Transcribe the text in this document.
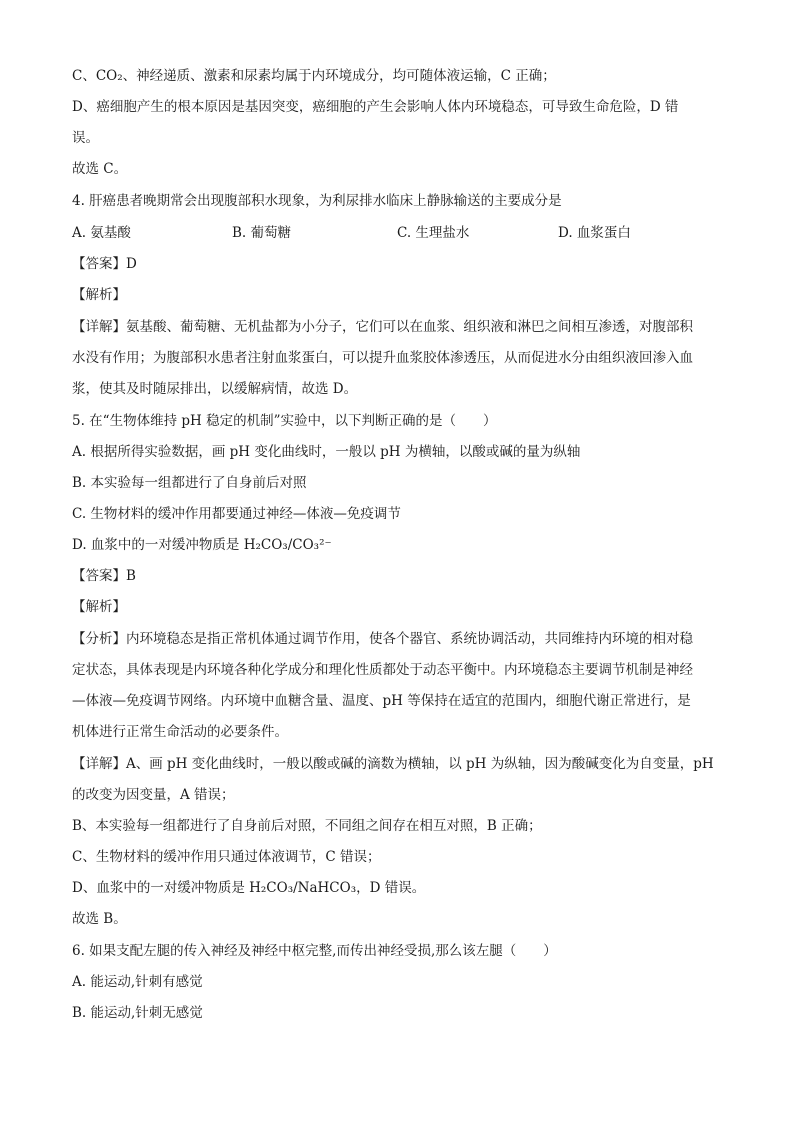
C、CO₂、神经递质、激素和尿素均属于内环境成分，均可随体液运输，C 正确；
D、癌细胞产生的根本原因是基因突变，癌细胞的产生会影响人体内环境稳态，可导致生命危险，D 错
误。
故选 C。
4. 肝癌患者晚期常会出现腹部积水现象，为利尿排水临床上静脉输送的主要成分是
A. 氨基酸	B. 葡萄糖	C. 生理盐水	D. 血浆蛋白
【答案】D
【解析】
【详解】氨基酸、葡萄糖、无机盐都为小分子，它们可以在血浆、组织液和淋巴之间相互渗透，对腹部积
水没有作用；为腹部积水患者注射血浆蛋白，可以提升血浆胶体渗透压，从而促进水分由组织液回渗入血
浆，使其及时随尿排出，以缓解病情，故选 D。
5. 在“生物体维持 pH 稳定的机制”实验中，以下判断正确的是（　　）
A. 根据所得实验数据，画 pH 变化曲线时，一般以 pH 为横轴，以酸或碱的量为纵轴
B. 本实验每一组都进行了自身前后对照
C. 生物材料的缓冲作用都要通过神经—体液—免疫调节
D. 血浆中的一对缓冲物质是 H₂CO₃/CO₃²⁻
【答案】B
【解析】
【分析】内环境稳态是指正常机体通过调节作用，使各个器官、系统协调活动，共同维持内环境的相对稳
定状态，具体表现是内环境各种化学成分和理化性质都处于动态平衡中。内环境稳态主要调节机制是神经
—体液—免疫调节网络。内环境中血糖含量、温度、pH 等保持在适宜的范围内，细胞代谢正常进行，是
机体进行正常生命活动的必要条件。
【详解】A、画 pH 变化曲线时，一般以酸或碱的滴数为横轴，以 pH 为纵轴，因为酸碱变化为自变量，pH
的改变为因变量，A 错误；
B、本实验每一组都进行了自身前后对照，不同组之间存在相互对照，B 正确；
C、生物材料的缓冲作用只通过体液调节，C 错误；
D、血浆中的一对缓冲物质是 H₂CO₃/NaHCO₃，D 错误。
故选 B。
6. 如果支配左腿的传入神经及神经中枢完整,而传出神经受损,那么该左腿（　　）
A. 能运动,针刺有感觉
B. 能运动,针刺无感觉
